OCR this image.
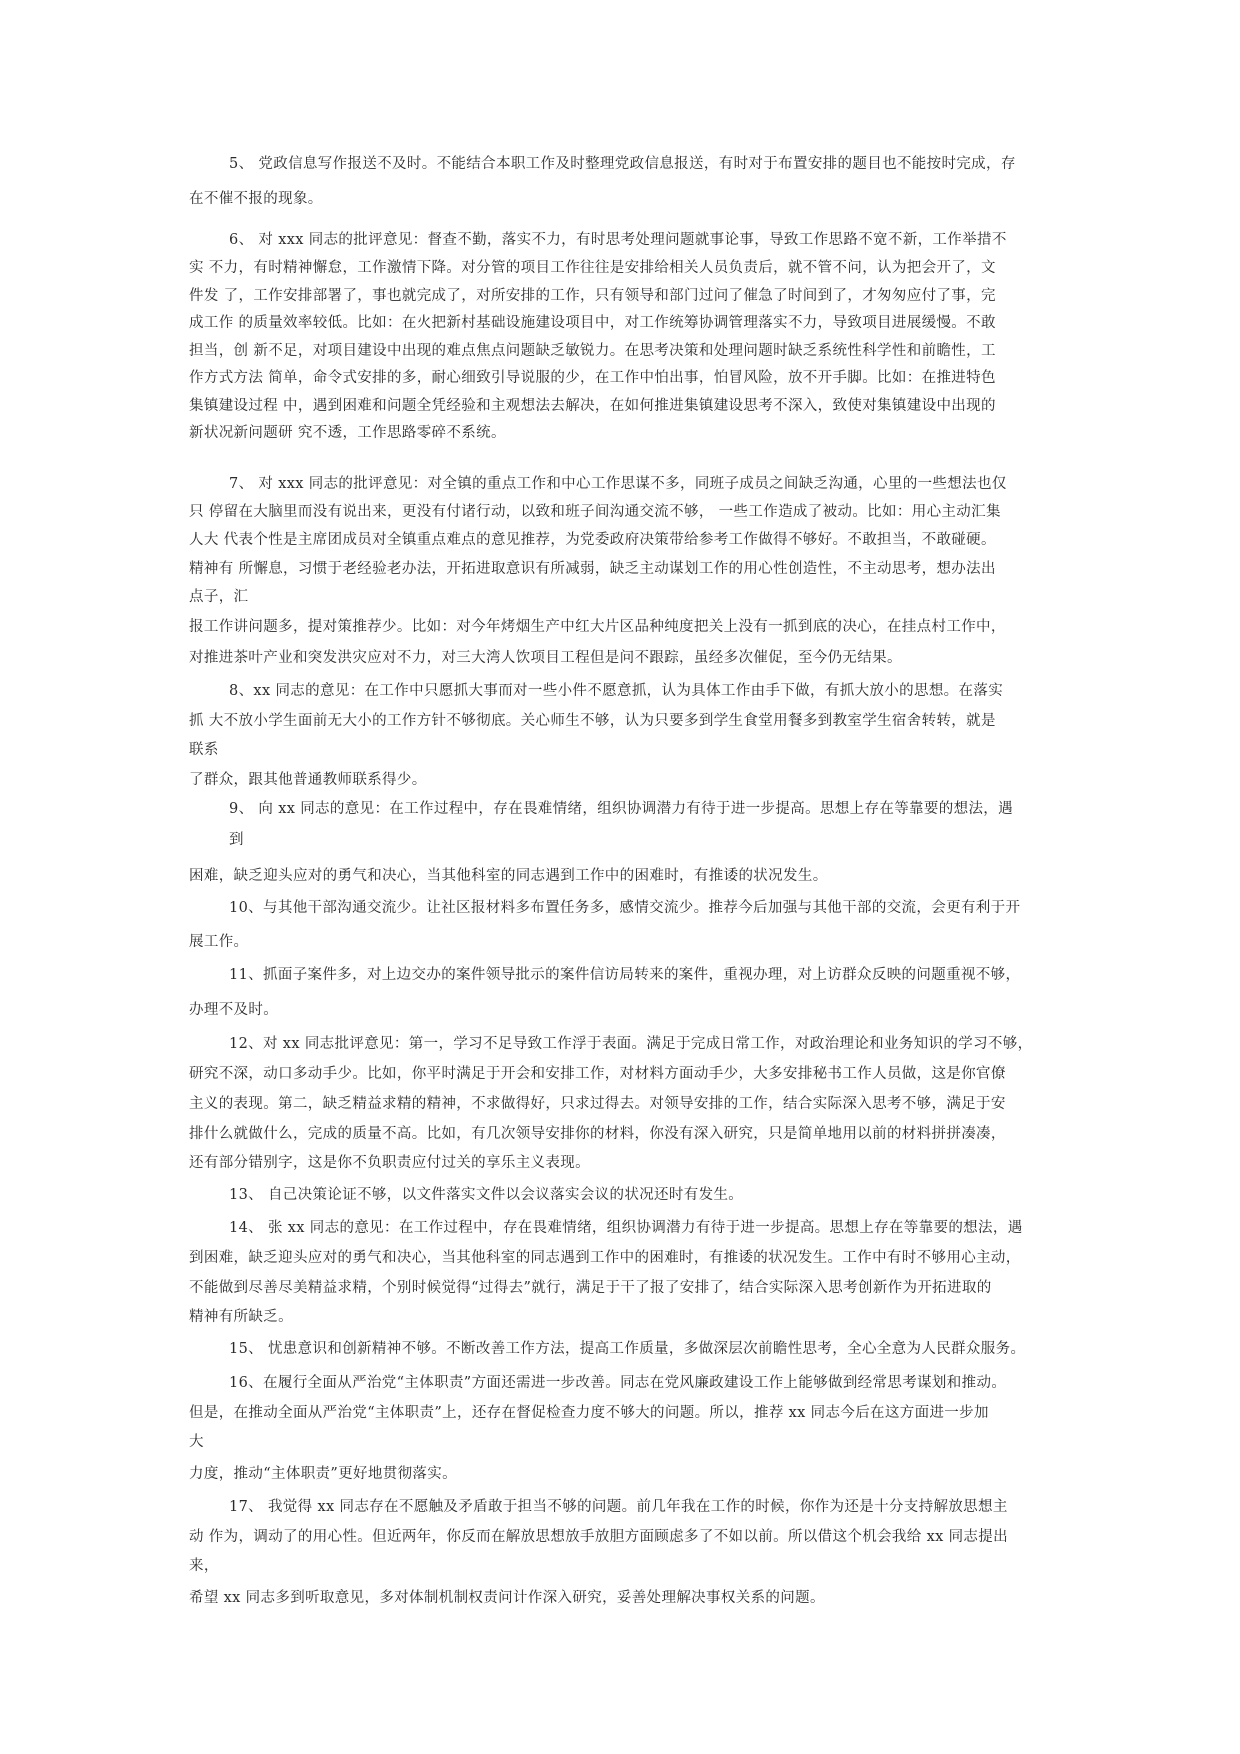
5、 党政信息写作报送不及时。不能结合本职工作及时整理党政信息报送，有时对于布置安排的题目也不能按时完成，存

在不催不报的现象。

6、 对 xxx 同志的批评意见：督查不勤，落实不力，有时思考处理问题就事论事，导致工作思路不宽不新，工作举措不

实 不力，有时精神懈怠，工作激情下降。对分管的项目工作往往是安排给相关人员负责后，就不管不问，认为把会开了，文

件发 了，工作安排部署了，事也就完成了，对所安排的工作，只有领导和部门过问了催急了时间到了，才匆匆应付了事，完

成工作 的质量效率较低。比如：在火把新村基础设施建设项目中，对工作统筹协调管理落实不力，导致项目进展缓慢。不敢

担当，创 新不足，对项目建设中出现的难点焦点问题缺乏敏锐力。在思考决策和处理问题时缺乏系统性科学性和前瞻性，工

作方式方法 简单，命令式安排的多，耐心细致引导说服的少，在工作中怕出事，怕冒风险，放不开手脚。比如：在推进特色

集镇建设过程 中，遇到困难和问题全凭经验和主观想法去解决，在如何推进集镇建设思考不深入，致使对集镇建设中出现的

新状况新问题研 究不透，工作思路零碎不系统。

7、 对 xxx 同志的批评意见：对全镇的重点工作和中心工作思谋不多，同班子成员之间缺乏沟通，心里的一些想法也仅

只 停留在大脑里而没有说出来，更没有付诸行动，以致和班子间沟通交流不够， 一些工作造成了被动。比如：用心主动汇集

人大 代表个性是主席团成员对全镇重点难点的意见推荐，为党委政府决策带给参考工作做得不够好。不敢担当，不敢碰硬。

精神有 所懈息，习惯于老经验老办法，开拓进取意识有所减弱，缺乏主动谋划工作的用心性创造性，不主动思考，想办法出

点子，汇

报工作讲问题多，提对策推荐少。比如：对今年烤烟生产中红大片区品种纯度把关上没有一抓到底的决心，在挂点村工作中，

对推进茶叶产业和突发洪灾应对不力，对三大湾人饮项目工程但是问不跟踪，虽经多次催促，至今仍无结果。

8、xx 同志的意见：在工作中只愿抓大事而对一些小件不愿意抓，认为具体工作由手下做，有抓大放小的思想。在落实

抓 大不放小学生面前无大小的工作方针不够彻底。关心师生不够，认为只要多到学生食堂用餐多到教室学生宿舍转转，就是

联系

了群众，跟其他普通教师联系得少。

9、 向 xx 同志的意见：在工作过程中，存在畏难情绪，组织协调潜力有待于进一步提高。思想上存在等靠要的想法，遇

到

困难，缺乏迎头应对的勇气和决心，当其他科室的同志遇到工作中的困难时，有推诿的状况发生。

10、与其他干部沟通交流少。让社区报材料多布置任务多，感情交流少。推荐今后加强与其他干部的交流，会更有利于开

展工作。

11、抓面子案件多，对上边交办的案件领导批示的案件信访局转来的案件，重视办理，对上访群众反映的问题重视不够，

办理不及时。

12、对 xx 同志批评意见：第一，学习不足导致工作浮于表面。满足于完成日常工作，对政治理论和业务知识的学习不够，

研究不深，动口多动手少。比如，你平时满足于开会和安排工作，对材料方面动手少，大多安排秘书工作人员做，这是你官僚

主义的表现。第二，缺乏精益求精的精神，不求做得好，只求过得去。对领导安排的工作，结合实际深入思考不够，满足于安

排什么就做什么，完成的质量不高。比如，有几次领导安排你的材料，你没有深入研究，只是简单地用以前的材料拼拼凑凑，

还有部分错别字，这是你不负职责应付过关的享乐主义表现。

13、 自己决策论证不够，以文件落实文件以会议落实会议的状况还时有发生。

14、 张 xx 同志的意见：在工作过程中，存在畏难情绪，组织协调潜力有待于进一步提高。思想上存在等靠要的想法，遇

到困难，缺乏迎头应对的勇气和决心，当其他科室的同志遇到工作中的困难时，有推诿的状况发生。工作中有时不够用心主动，

不能做到尽善尽美精益求精，个别时候觉得“过得去”就行，满足于干了报了安排了，结合实际深入思考创新作为开拓进取的

精神有所缺乏。

15、 忧患意识和创新精神不够。不断改善工作方法，提高工作质量，多做深层次前瞻性思考，全心全意为人民群众服务。

16、在履行全面从严治党“主体职责”方面还需进一步改善。同志在党风廉政建设工作上能够做到经常思考谋划和推动。

但是，在推动全面从严治党“主体职责”上，还存在督促检查力度不够大的问题。所以，推荐 xx 同志今后在这方面进一步加

大

力度，推动“主体职责”更好地贯彻落实。

17、 我觉得 xx 同志存在不愿触及矛盾敢于担当不够的问题。前几年我在工作的时候，你作为还是十分支持解放思想主

动 作为，调动了的用心性。但近两年，你反而在解放思想放手放胆方面顾虑多了不如以前。所以借这个机会我给 xx 同志提出

来，

希望 xx 同志多到听取意见，多对体制机制权责问计作深入研究，妥善处理解决事权关系的问题。
